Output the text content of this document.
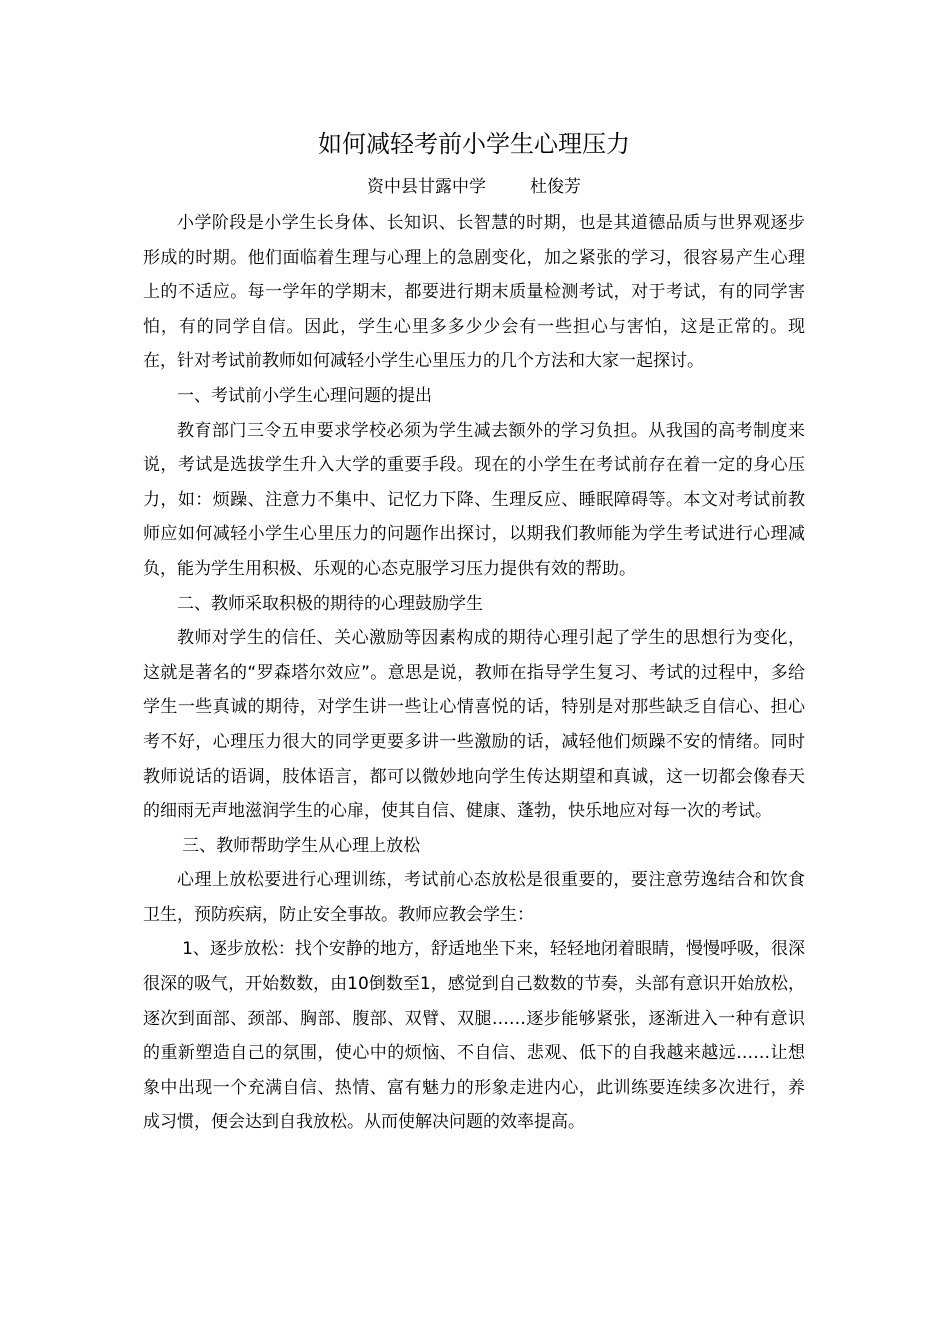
如何减轻考前小学生心理压力
资中县甘露中学	杜俊芳

小学阶段是小学生长身体、长知识、长智慧的时期，也是其道德品质与世界观逐步形成的时期。他们面临着生理与心理上的急剧变化，加之紧张的学习，很容易产生心理上的不适应。每一学年的学期末，都要进行期末质量检测考试，对于考试，有的同学害怕，有的同学自信。因此，学生心里多多少少会有一些担心与害怕，这是正常的。现在，针对考试前教师如何减轻小学生心里压力的几个方法和大家一起探讨。

一、考试前小学生心理问题的提出

教育部门三令五申要求学校必须为学生减去额外的学习负担。从我国的高考制度来说，考试是选拔学生升入大学的重要手段。现在的小学生在考试前存在着一定的身心压力，如：烦躁、注意力不集中、记忆力下降、生理反应、睡眠障碍等。本文对考试前教师应如何减轻小学生心里压力的问题作出探讨，以期我们教师能为学生考试进行心理减负，能为学生用积极、乐观的心态克服学习压力提供有效的帮助。

二、教师采取积极的期待的心理鼓励学生

教师对学生的信任、关心激励等因素构成的期待心理引起了学生的思想行为变化，这就是著名的“罗森塔尔效应”。意思是说，教师在指导学生复习、考试的过程中，多给学生一些真诚的期待，对学生讲一些让心情喜悦的话，特别是对那些缺乏自信心、担心考不好，心理压力很大的同学更要多讲一些激励的话，减轻他们烦躁不安的情绪。同时教师说话的语调，肢体语言，都可以微妙地向学生传达期望和真诚，这一切都会像春天的细雨无声地滋润学生的心扉，使其自信、健康、蓬勃，快乐地应对每一次的考试。

三、教师帮助学生从心理上放松

心理上放松要进行心理训练，考试前心态放松是很重要的，要注意劳逸结合和饮食卫生，预防疾病，防止安全事故。教师应教会学生：

1、逐步放松：找个安静的地方，舒适地坐下来，轻轻地闭着眼睛，慢慢呼吸，很深很深的吸气，开始数数，由10倒数至1，感觉到自己数数的节奏，头部有意识开始放松，逐次到面部、颈部、胸部、腹部、双臂、双腿……逐步能够紧张，逐渐进入一种有意识的重新塑造自己的氛围，使心中的烦恼、不自信、悲观、低下的自我越来越远……让想象中出现一个充满自信、热情、富有魅力的形象走进内心，此训练要连续多次进行，养成习惯，便会达到自我放松。从而使解决问题的效率提高。
